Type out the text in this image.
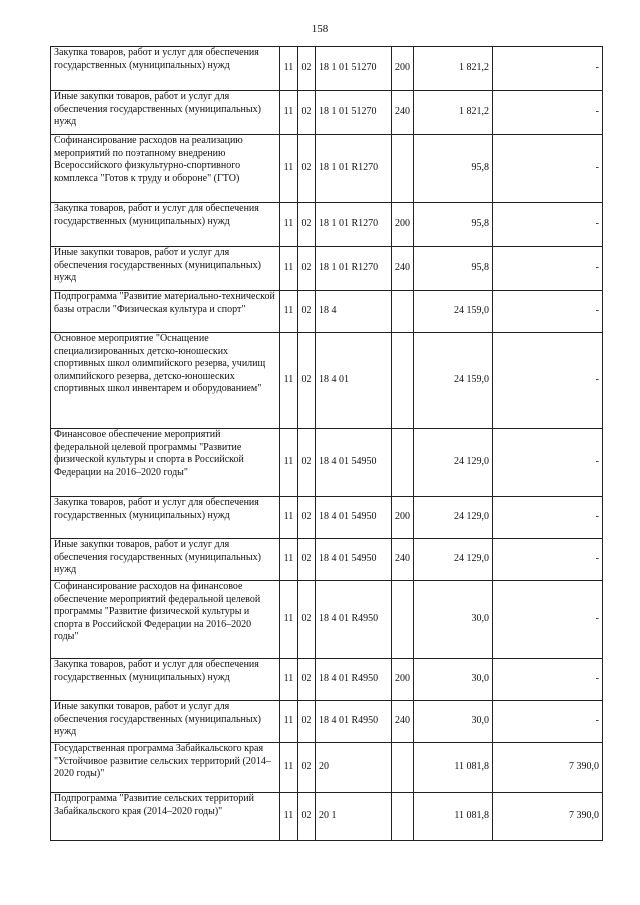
158
Закупка товаров, работ и услуг для обеспечения государственных (муниципальных) нужд	11	02	18 1 01 51270	200	1 821,2	-
Иные закупки товаров, работ и услуг для обеспечения государственных (муниципальных) нужд	11	02	18 1 01 51270	240	1 821,2	-
Софинансирование расходов на реализацию мероприятий по поэтапному внедрению Всероссийского физкультурно-спортивного комплекса "Готов к труду и обороне" (ГТО)	11	02	18 1 01 R1270		95,8	-
Закупка товаров, работ и услуг для обеспечения государственных (муниципальных) нужд	11	02	18 1 01 R1270	200	95,8	-
Иные закупки товаров, работ и услуг для обеспечения государственных (муниципальных) нужд	11	02	18 1 01 R1270	240	95,8	-
Подпрограмма "Развитие материально-технической базы отрасли "Физическая культура и спорт"	11	02	18 4		24 159,0	-
Основное мероприятие "Оснащение специализированных детско-юношеских спортивных школ олимпийского резерва, училищ олимпийского резерва, детско-юношеских спортивных школ инвентарем и оборудованием"	11	02	18 4 01		24 159,0	-
Финансовое обеспечение мероприятий федеральной целевой программы "Развитие физической культуры и спорта в Российской Федерации на 2016–2020 годы"	11	02	18 4 01 54950		24 129,0	-
Закупка товаров, работ и услуг для обеспечения государственных (муниципальных) нужд	11	02	18 4 01 54950	200	24 129,0	-
Иные закупки товаров, работ и услуг для обеспечения государственных (муниципальных) нужд	11	02	18 4 01 54950	240	24 129,0	-
Софинансирование расходов на финансовое обеспечение мероприятий федеральной целевой программы "Развитие физической культуры и спорта в Российской Федерации на 2016–2020 годы"	11	02	18 4 01 R4950		30,0	-
Закупка товаров, работ и услуг для обеспечения государственных (муниципальных) нужд	11	02	18 4 01 R4950	200	30,0	-
Иные закупки товаров, работ и услуг для обеспечения государственных (муниципальных) нужд	11	02	18 4 01 R4950	240	30,0	-
Государственная программа Забайкальского края "Устойчивое развитие сельских территорий (2014–2020 годы)"	11	02	20		11 081,8	7 390,0
Подпрограмма "Развитие сельских территорий Забайкальского края (2014–2020 годы)"	11	02	20 1		11 081,8	7 390,0
